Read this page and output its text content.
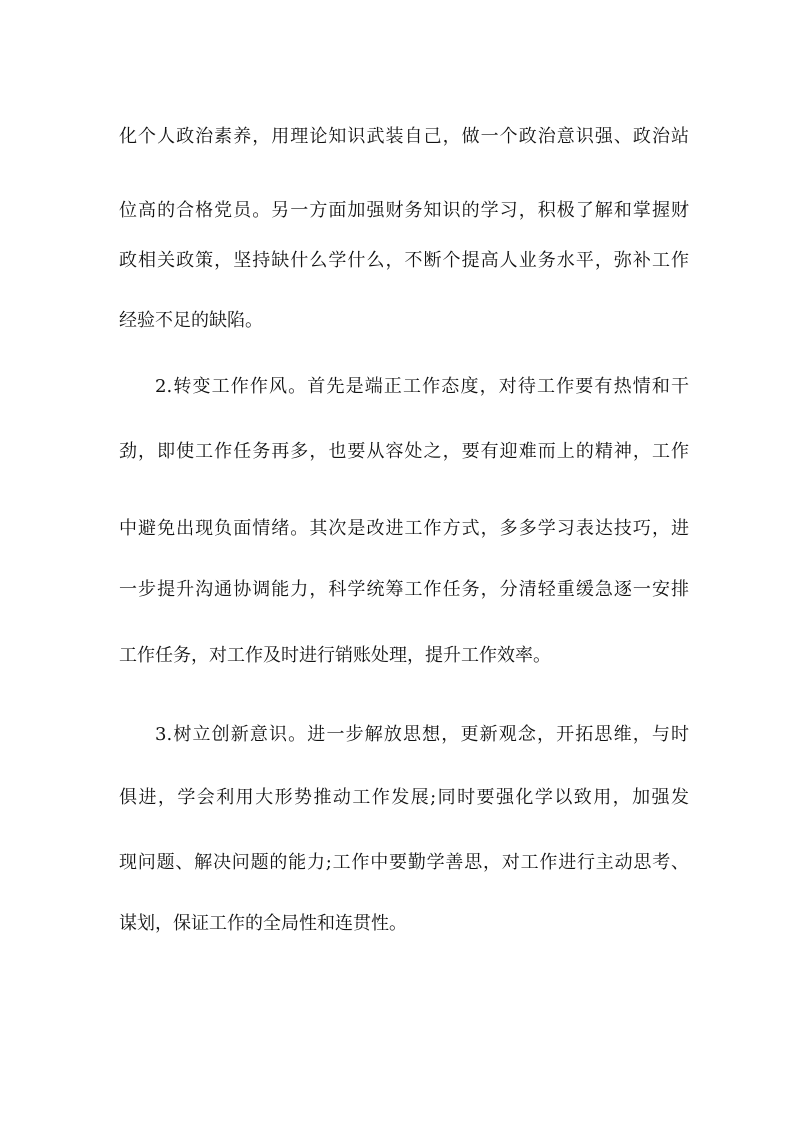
化个人政治素养，用理论知识武装自己，做一个政治意识强、政治站
位高的合格党员。另一方面加强财务知识的学习，积极了解和掌握财
政相关政策，坚持缺什么学什么，不断个提高人业务水平，弥补工作
经验不足的缺陷。
2.转变工作作风。首先是端正工作态度，对待工作要有热情和干
劲，即使工作任务再多，也要从容处之，要有迎难而上的精神，工作
中避免出现负面情绪。其次是改进工作方式，多多学习表达技巧，进
一步提升沟通协调能力，科学统筹工作任务，分清轻重缓急逐一安排
工作任务，对工作及时进行销账处理，提升工作效率。
3.树立创新意识。进一步解放思想，更新观念，开拓思维，与时
俱进，学会利用大形势推动工作发展;同时要强化学以致用，加强发
现问题、解决问题的能力;工作中要勤学善思，对工作进行主动思考、
谋划，保证工作的全局性和连贯性。
